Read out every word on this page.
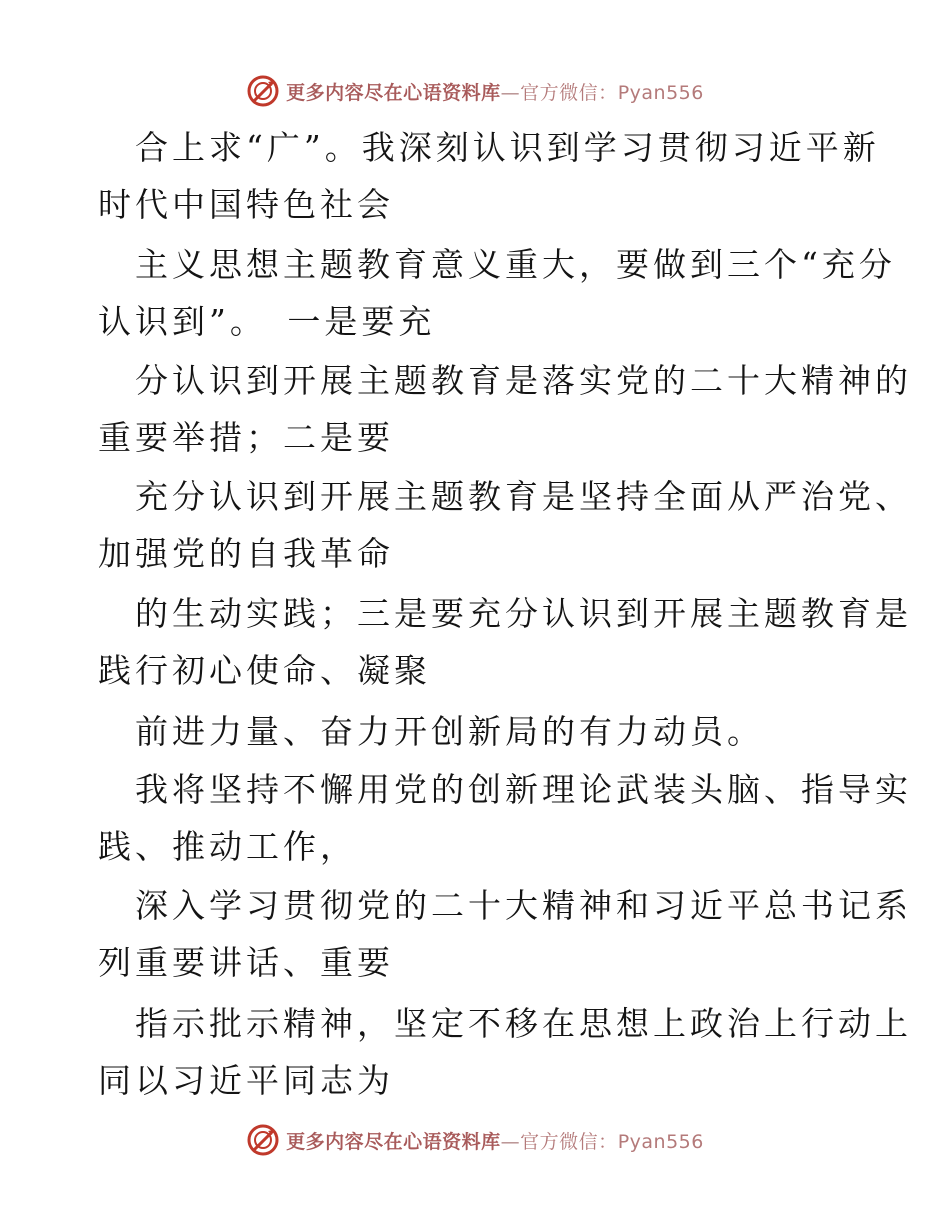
更多内容尽在心语资料库—官方微信：Pyan556
合上求“广”。我深刻认识到学习贯彻习近平新
时代中国特色社会
主义思想主题教育意义重大，要做到三个“充分
认识到”。　一是要充
分认识到开展主题教育是落实党的二十大精神的
重要举措；二是要
充分认识到开展主题教育是坚持全面从严治党、
加强党的自我革命
的生动实践；三是要充分认识到开展主题教育是
践行初心使命、凝聚
前进力量、奋力开创新局的有力动员。
我将坚持不懈用党的创新理论武装头脑、指导实
践、推动工作，
深入学习贯彻党的二十大精神和习近平总书记系
列重要讲话、重要
指示批示精神，坚定不移在思想上政治上行动上
同以习近平同志为
更多内容尽在心语资料库—官方微信：Pyan556
